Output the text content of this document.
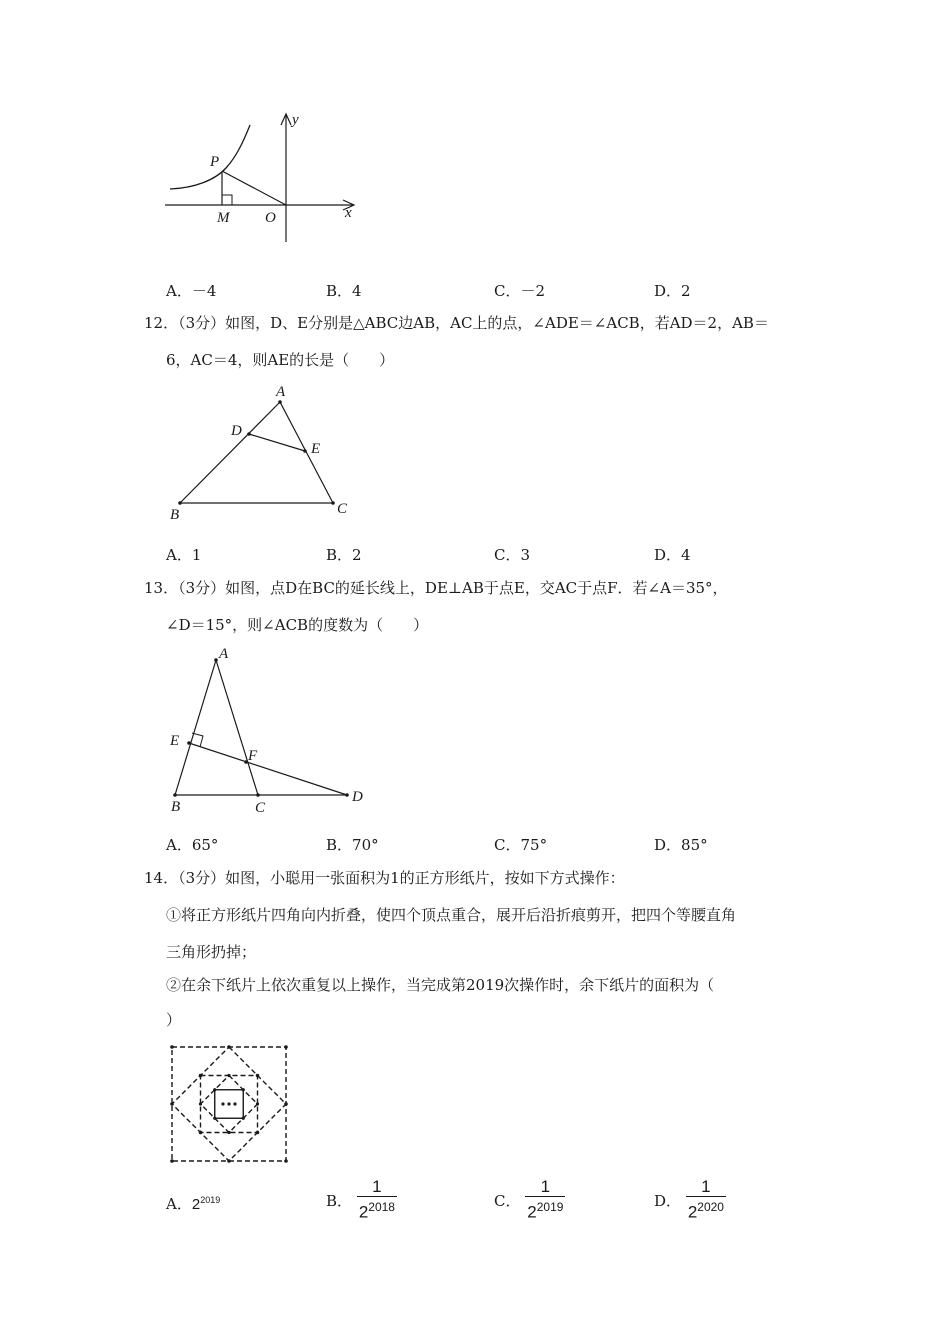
y
x
P
M O
A．－4	B．4	C．－2	D．2
12．（3分）如图，D、E分别是△ABC边AB，AC上的点，∠ADE＝∠ACB，若AD＝2，AB＝
6，AC＝4，则AE的长是（　　）
A
D
E
B	C
A．1	B．2	C．3	D．4
13．（3分）如图，点D在BC的延长线上，DE⊥AB于点E，交AC于点F．若∠A＝35°，
∠D＝15°，则∠ACB的度数为（　　）
A
E
F
B	C
D
A．65°	B．70°	C．75°	D．85°
14．（3分）如图，小聪用一张面积为1的正方形纸片，按如下方式操作：
①将正方形纸片四角向内折叠，使四个顶点重合，展开后沿折痕剪开，把四个等腰直角
三角形扔掉；
②在余下纸片上依次重复以上操作，当完成第2019次操作时，余下纸片的面积为（
）
A．$2^{2019}$	B． $\frac{1}{2^{2018}}$	C． $\frac{1}{2^{2019}}$	D． $\frac{1}{2^{2020}}$
